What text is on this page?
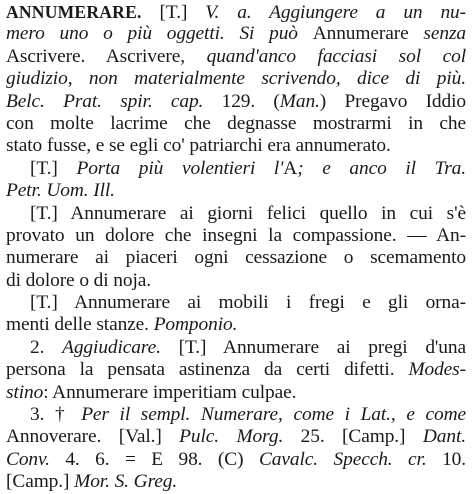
ANNUMERARE. [T.] V. a. Aggiungere a un nu-
mero uno o più oggetti. Si può Annumerare senza
Ascrivere. Ascrivere, quand'anco facciasi sol col
giudizio, non materialmente scrivendo, dice di più.
Belc. Prat. spir. cap. 129. (Man.) Pregavo Iddio
con molte lacrime che degnasse mostrarmi in che
stato fusse, e se egli co' patriarchi era annumerato.
[T.] Porta più volentieri l'A; e anco il Tra.
Petr. Uom. Ill.
[T.] Annumerare ai giorni felici quello in cui s'è
provato un dolore che insegni la compassione. — An-
numerare ai piaceri ogni cessazione o scemamento
di dolore o di noja.
[T.] Annumerare ai mobili i fregi e gli orna-
menti delle stanze. Pomponio.
2. Aggiudicare. [T.] Annumerare ai pregi d'una
persona la pensata astinenza da certi difetti. Modes-
stino: Annumerare imperitiam culpae.
3. † Per il sempl. Numerare, come i Lat., e come
Annoverare. [Val.] Pulc. Morg. 25. [Camp.] Dant.
Conv. 4. 6. = E 98. (C) Cavalc. Specch. cr. 10.
[Camp.] Mor. S. Greg.
